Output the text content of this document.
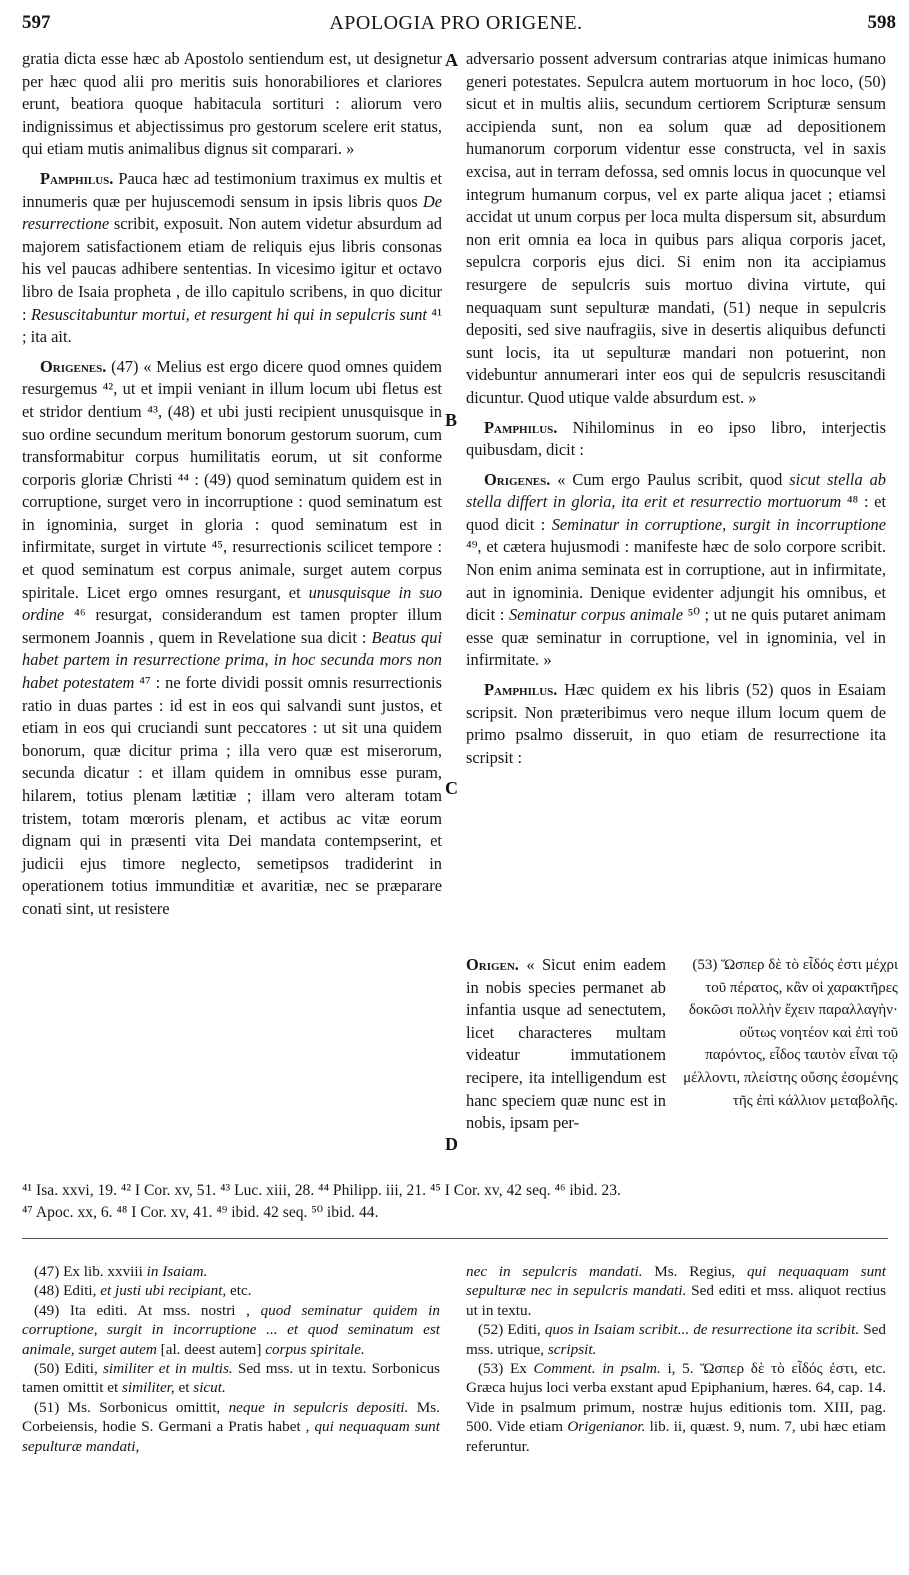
597	APOLOGIA PRO ORIGENE.	598
A
B
C
D

gratia dicta esse hæc ab Apostolo sentiendum est, ut designetur per hæc quod alii pro meritis suis honorabiliores et clariores erunt, beatiora quoque habitacula sortituri : aliorum vero indignissimus et abjectissimus pro gestorum scelere erit status, qui etiam mutis animalibus dignus sit comparari. »

Pamphilus. Pauca hæc ad testimonium traximus ex multis et innumeris quæ per hujuscemodi sensum in ipsis libris quos De resurrectione scribit, exposuit. Non autem videtur absurdum ad majorem satisfactionem etiam de reliquis ejus libris consonas his vel paucas adhibere sententias. In vicesimo igitur et octavo libro de Isaia propheta , de illo capitulo scribens, in quo dicitur : Resuscitabuntur mortui, et resurgent hi qui in sepulcris sunt ⁴¹ ; ita ait.

Origenes. (47) « Melius est ergo dicere quod omnes quidem resurgemus ⁴², ut et impii veniant in illum locum ubi fletus est et stridor dentium ⁴³, (48) et ubi justi recipient unusquisque in suo ordine secundum meritum bonorum gestorum suorum, cum transformabitur corpus humilitatis eorum, ut sit conforme corporis gloriæ Christi ⁴⁴ : (49) quod seminatum quidem est in corruptione, surget vero in incorruptione : quod seminatum est in ignominia, surget in gloria : quod seminatum est in infirmitate, surget in virtute ⁴⁵, resurrectionis scilicet tempore : et quod seminatum est corpus animale, surget autem corpus spiritale. Licet ergo omnes resurgant, et unusquisque in suo ordine ⁴⁶ resurgat, considerandum est tamen propter illum sermonem Joannis , quem in Revelatione sua dicit : Beatus qui habet partem in resurrectione prima, in hoc secunda mors non habet potestatem ⁴⁷ : ne forte dividi possit omnis resurrectionis ratio in duas partes : id est in eos qui salvandi sunt justos, et etiam in eos qui cruciandi sunt peccatores : ut sit una quidem bonorum, quæ dicitur prima ; illa vero quæ est miserorum, secunda dicatur : et illam quidem in omnibus esse puram, hilarem, totius plenam lætitiæ ; illam vero alteram totam tristem, totam mœroris plenam, et actibus ac vitæ eorum dignam qui in præsenti vita Dei mandata contempserint, et judicii ejus timore neglecto, semetipsos tradiderint in operationem totius immunditiæ et avaritiæ, nec se præparare conati sint, ut resistere

adversario possent adversum contrarias atque inimicas humano generi potestates. Sepulcra autem mortuorum in hoc loco, (50) sicut et in multis aliis, secundum certiorem Scripturæ sensum accipienda sunt, non ea solum quæ ad depositionem humanorum corporum videntur esse constructa, vel in saxis excisa, aut in terram defossa, sed omnis locus in quocunque vel integrum humanum corpus, vel ex parte aliqua jacet ; etiamsi accidat ut unum corpus per loca multa dispersum sit, absurdum non erit omnia ea loca in quibus pars aliqua corporis jacet, sepulcra corporis ejus dici. Si enim non ita accipiamus resurgere de sepulcris suis mortuo divina virtute, qui nequaquam sunt sepulturæ mandati, (51) neque in sepulcris depositi, sed sive naufragiis, sive in desertis aliquibus defuncti sunt locis, ita ut sepulturæ mandari non potuerint, non videbuntur annumerari inter eos qui de sepulcris resuscitandi dicuntur. Quod utique valde absurdum est. »

Pamphilus. Nihilominus in eo ipso libro, interjectis quibusdam, dicit :

Origenes. « Cum ergo Paulus scribit, quod sicut stella ab stella differt in gloria, ita erit et resurrectio mortuorum ⁴⁸ : et quod dicit : Seminatur in corruptione, surgit in incorruptione ⁴⁹, et cætera hujusmodi : manifeste hæc de solo corpore scribit. Non enim anima seminata est in corruptione, aut in infirmitate, aut in ignominia. Denique evidenter adjungit his omnibus, et dicit : Seminatur corpus animale ⁵⁰ ; ut ne quis putaret animam esse quæ seminatur in corruptione, vel in ignominia, vel in infirmitate. »

Pamphilus. Hæc quidem ex his libris (52) quos in Esaiam scripsit. Non præteribimus vero neque illum locum quem de primo psalmo disseruit, in quo etiam de resurrectione ita scripsit :

Origen. « Sicut enim eadem in nobis species permanet ab infantia usque ad senectutem, licet characteres multam videatur immutationem recipere, ita intelligendum est hanc speciem quæ nunc est in nobis, ipsam per-
(53) Ὥσπερ δὲ τὸ εἶδός ἐστι μέχρι τοῦ πέρατος, κἂν οἱ χαρακτῆρες δοκῶσι πολλὴν ἔχειν παραλλαγὴν· οὕτως νοητέον καὶ ἐπὶ τοῦ παρόντος, εἶδος ταυτὸν εἶναι τῷ μέλλοντι, πλείστης οὔσης ἐσομένης τῆς ἐπὶ κάλλιον μεταβολῆς.
⁴¹ Isa. xxvi, 19. ⁴² I Cor. xv, 51. ⁴³ Luc. xiii, 28. ⁴⁴ Philipp. iii, 21. ⁴⁵ I Cor. xv, 42 seq. ⁴⁶ ibid. 23.
⁴⁷ Apoc. xx, 6. ⁴⁸ I Cor. xv, 41. ⁴⁹ ibid. 42 seq. ⁵⁰ ibid. 44.

(47) Ex lib. xxviii in Isaiam.

(48) Editi, et justi ubi recipiant, etc.

(49) Ita editi. At mss. nostri , quod seminatur quidem in corruptione, surgit in incorruptione ... et quod seminatum est animale, surget autem [al. deest autem] corpus spiritale.

(50) Editi, similiter et in multis. Sed mss. ut in textu. Sorbonicus tamen omittit et similiter, et sicut.

(51) Ms. Sorbonicus omittit, neque in sepulcris depositi. Ms. Corbeiensis, hodie S. Germani a Pratis habet , qui nequaquam sunt sepulturæ mandati,

nec in sepulcris mandati. Ms. Regius, qui nequaquam sunt sepulturæ nec in sepulcris mandati. Sed editi et mss. aliquot rectius ut in textu.

(52) Editi, quos in Isaiam scribit... de resurrectione ita scribit. Sed mss. utrique, scripsit.

(53) Ex Comment. in psalm. i, 5. Ὥσπερ δὲ τὸ εἶδός ἐστι, etc. Græca hujus loci verba exstant apud Epiphanium, hæres. 64, cap. 14. Vide in psalmum primum, nostræ hujus editionis tom. XIII, pag. 500. Vide etiam Origenianor. lib. ii, quæst. 9, num. 7, ubi hæc etiam referuntur.
